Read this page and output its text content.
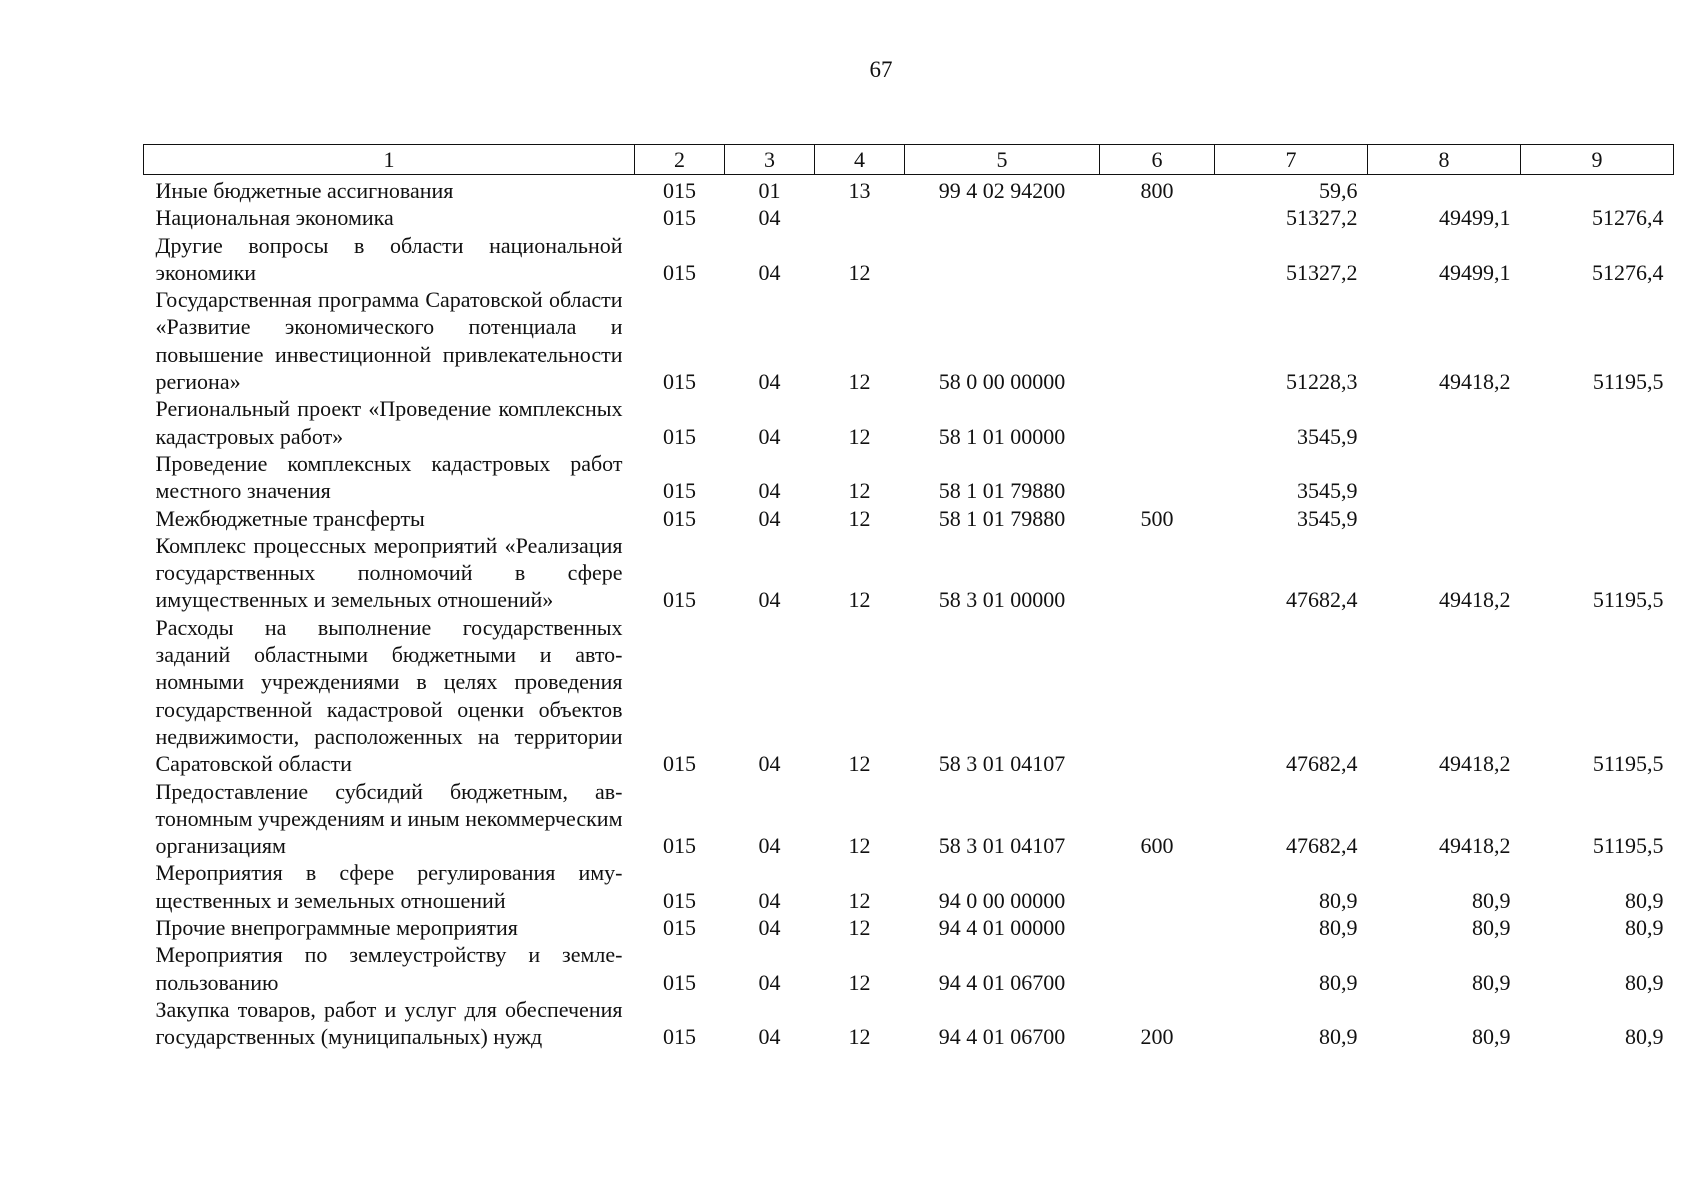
67
1	2	3	4	5	6	7	8	9
Иные бюджетные ассигнования	015	01	13	99 4 02 94200	800	59,6		
Национальная экономика	015	04				51327,2	49499,1	51276,4
Другие вопросы в области национальной экономики	015	04	12			51327,2	49499,1	51276,4
Государственная программа Саратовской области «Развитие экономического потенциала и повышение инвестиционной привлекательности региона»	015	04	12	58 0 00 00000		51228,3	49418,2	51195,5
Региональный проект «Проведение комплексных кадастровых работ»	015	04	12	58 1 01 00000		3545,9		
Проведение комплексных кадастровых работ местного значения	015	04	12	58 1 01 79880		3545,9		
Межбюджетные трансферты	015	04	12	58 1 01 79880	500	3545,9		
Комплекс процессных мероприятий «Реализация государственных полномочий в сфере имущественных и земельных отношений»	015	04	12	58 3 01 00000		47682,4	49418,2	51195,5
Расходы на выполнение государственных заданий областными бюджетными и автономными учреждениями в целях проведения государственной кадастровой оценки объектов недвижимости, расположенных на территории Саратовской области	015	04	12	58 3 01 04107		47682,4	49418,2	51195,5
Предоставление субсидий бюджетным, автономным учреждениям и иным некоммерческим организациям	015	04	12	58 3 01 04107	600	47682,4	49418,2	51195,5
Мероприятия в сфере регулирования имущественных и земельных отношений	015	04	12	94 0 00 00000		80,9	80,9	80,9
Прочие внепрограммные мероприятия	015	04	12	94 4 01 00000		80,9	80,9	80,9
Мероприятия по землеустройству и землепользованию	015	04	12	94 4 01 06700		80,9	80,9	80,9
Закупка товаров, работ и услуг для обеспечения государственных (муниципальных) нужд	015	04	12	94 4 01 06700	200	80,9	80,9	80,9
